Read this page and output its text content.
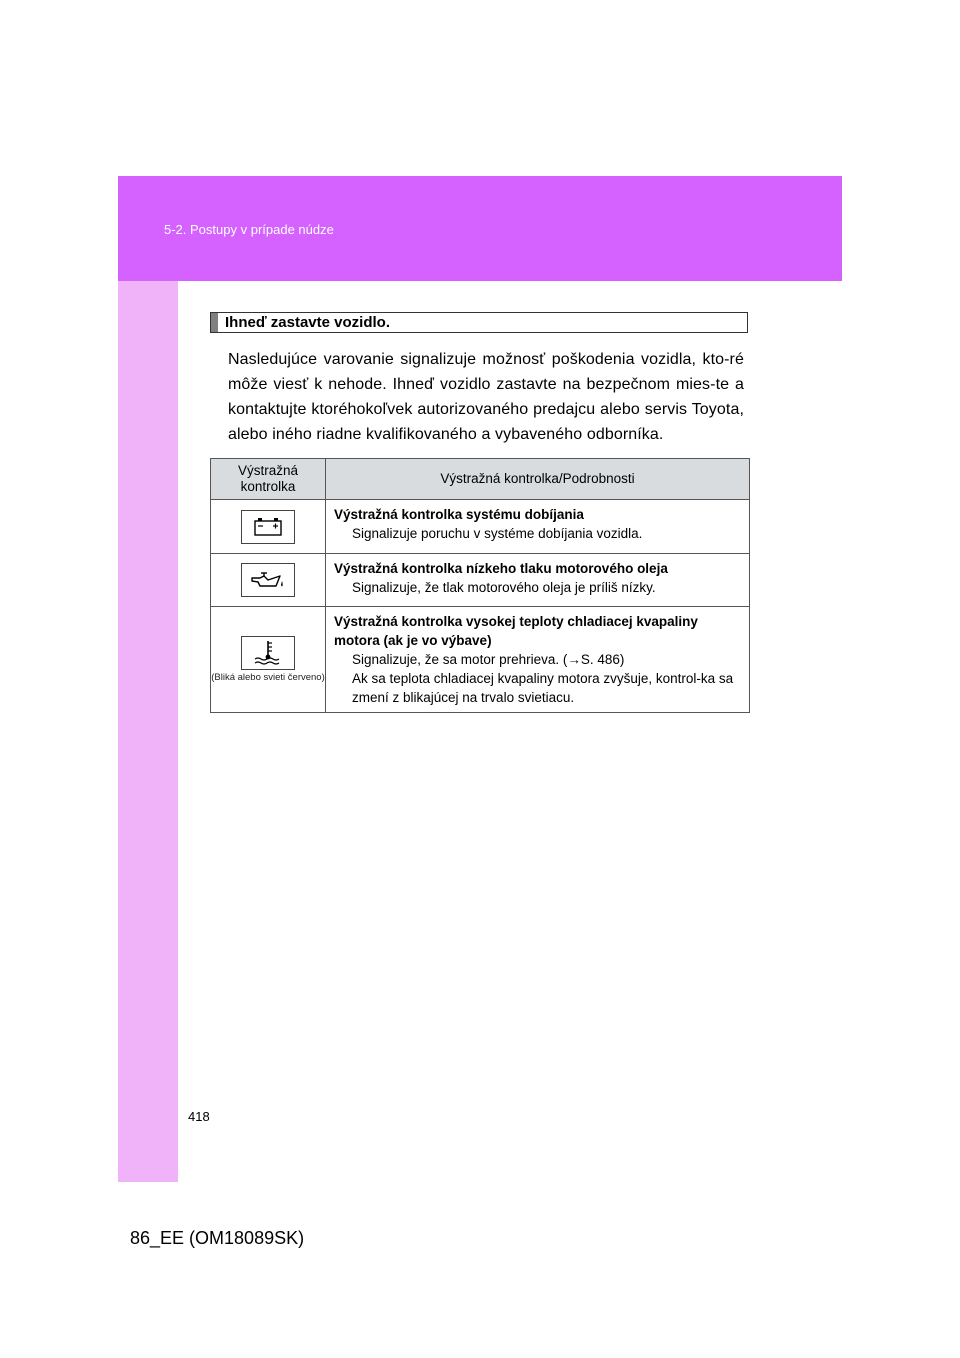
5-2. Postupy v prípade núdze
Ihneď zastavte vozidlo.

Nasledujúce varovanie signalizuje možnosť poškodenia vozidla, kto-ré môže viesť k nehode. Ihneď vozidlo zastavte na bezpečnom mies-te a kontaktujte ktoréhokoľvek autorizovaného predajcu alebo servis Toyota, alebo iného riadne kvalifikovaného a vybaveného odborníka.

Výstražná kontrolka	Výstražná kontrolka/Podrobnosti

Výstražná kontrolka systému dobíjania
Signalizuje poruchu v systéme dobíjania vozidla.

Výstražná kontrolka nízkeho tlaku motorového oleja
Signalizuje, že tlak motorového oleja je príliš nízky.

(Bliká alebo svieti červeno)	Výstražná kontrolka vysokej teploty chladiacej kvapaliny motora (ak je vo výbave)
Signalizuje, že sa motor prehrieva. (→S. 486)
Ak sa teplota chladiacej kvapaliny motora zvyšuje, kontrol-ka sa zmení z blikajúcej na trvalo svietiacu.
418
86_EE (OM18089SK)
